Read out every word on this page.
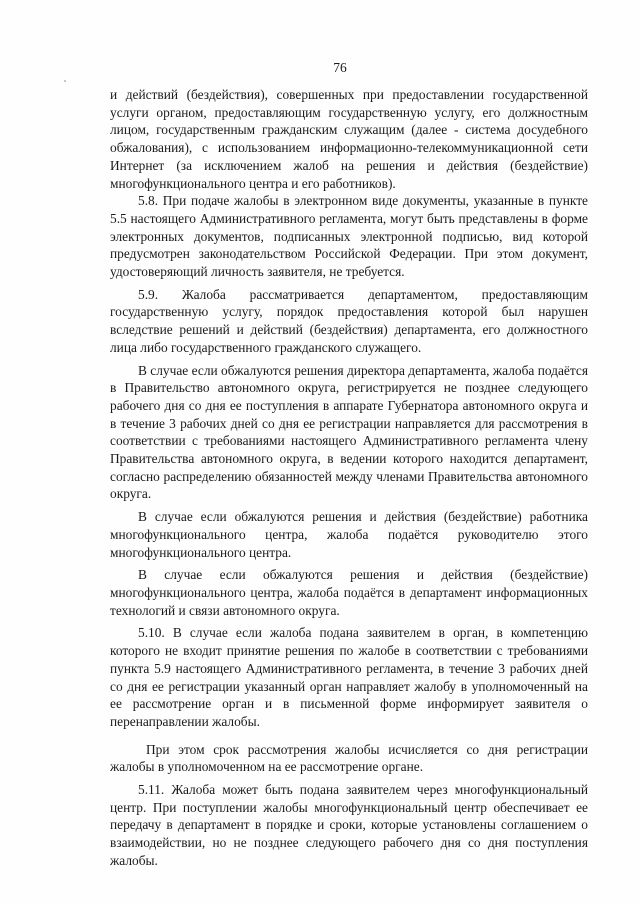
76

и действий (бездействия), совершенных при предоставлении государственной услуги органом, предоставляющим государственную услугу, его должностным лицом, государственным гражданским служащим (далее - система досудебного обжалования), с использованием информационно-телекоммуникационной сети Интернет (за исключением жалоб на решения и действия (бездействие) многофункционального центра и его работников).

5.8. При подаче жалобы в электронном виде документы, указанные в пункте 5.5 настоящего Административного регламента, могут быть представлены в форме электронных документов, подписанных электронной подписью, вид которой предусмотрен законодательством Российской Федерации. При этом документ, удостоверяющий личность заявителя, не требуется.

5.9. Жалоба рассматривается департаментом, предоставляющим государственную услугу, порядок предоставления которой был нарушен вследствие решений и действий (бездействия) департамента, его должностного лица либо государственного гражданского служащего.

В случае если обжалуются решения директора департамента, жалоба подаётся в Правительство автономного округа, регистрируется не позднее следующего рабочего дня со дня ее поступления в аппарате Губернатора автономного округа и в течение 3 рабочих дней со дня ее регистрации направляется для рассмотрения в соответствии с требованиями настоящего Административного регламента члену Правительства автономного округа, в ведении которого находится департамент, согласно распределению обязанностей между членами Правительства автономного округа.

В случае если обжалуются решения и действия (бездействие) работника многофункционального центра, жалоба подаётся руководителю этого многофункционального центра.

В случае если обжалуются решения и действия (бездействие) многофункционального центра, жалоба подаётся в департамент информационных технологий и связи автономного округа.

5.10. В случае если жалоба подана заявителем в орган, в компетенцию которого не входит принятие решения по жалобе в соответствии с требованиями пункта 5.9 настоящего Административного регламента, в течение 3 рабочих дней со дня ее регистрации указанный орган направляет жалобу в уполномоченный на ее рассмотрение орган и в письменной форме информирует заявителя о перенаправлении жалобы.

При этом срок рассмотрения жалобы исчисляется со дня регистрации жалобы в уполномоченном на ее рассмотрение органе.

5.11. Жалоба может быть подана заявителем через многофункциональный центр. При поступлении жалобы многофункциональный центр обеспечивает ее передачу в департамент в порядке и сроки, которые установлены соглашением о взаимодействии, но не позднее следующего рабочего дня со дня поступления жалобы.
